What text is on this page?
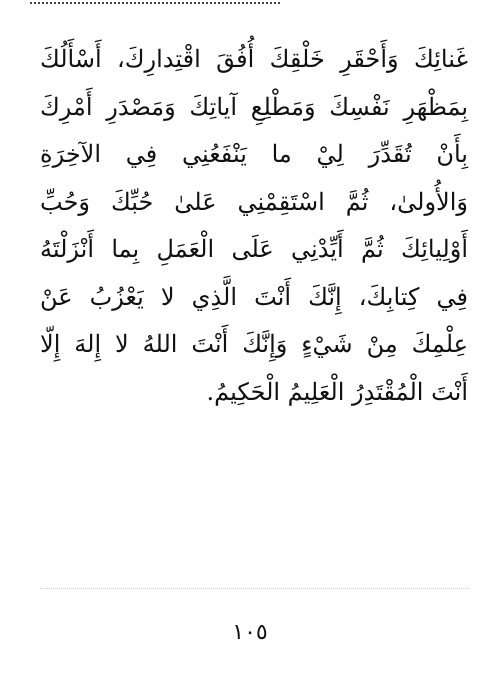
غَنائِكَ وَأَحْقَرِ خَلْقِكَ أُفُقَ اقْتِدارِكَ، أَسْأَلُكَ
بِمَظْهَرِ نَفْسِكَ وَمَطْلِعِ آياتِكَ وَمَصْدَرِ أَمْرِكَ
بِأَنْ تُقَدِّرَ لِيْ ما يَنْفَعُنِي فِي الآخِرَةِ
وَالأُولىٰ، ثُمَّ اسْتَقِمْنِي عَلىٰ حُبِّكَ وَحُبِّ
أَوْلِيائِكَ ثُمَّ أَيِّدْنِي عَلَى الْعَمَلِ بِما أَنْزَلْتَهُ
فِي كِتابِكَ، إِنَّكَ أَنْتَ الَّذِي لا يَعْزُبُ عَنْ
عِلْمِكَ مِنْ شَيْءٍ وَإِنَّكَ أَنْتَ اللهُ لا إِلهَ إِلّا
أَنْتَ الْمُقْتَدِرُ الْعَلِيمُ الْحَكِيمُ.
١٠٥
